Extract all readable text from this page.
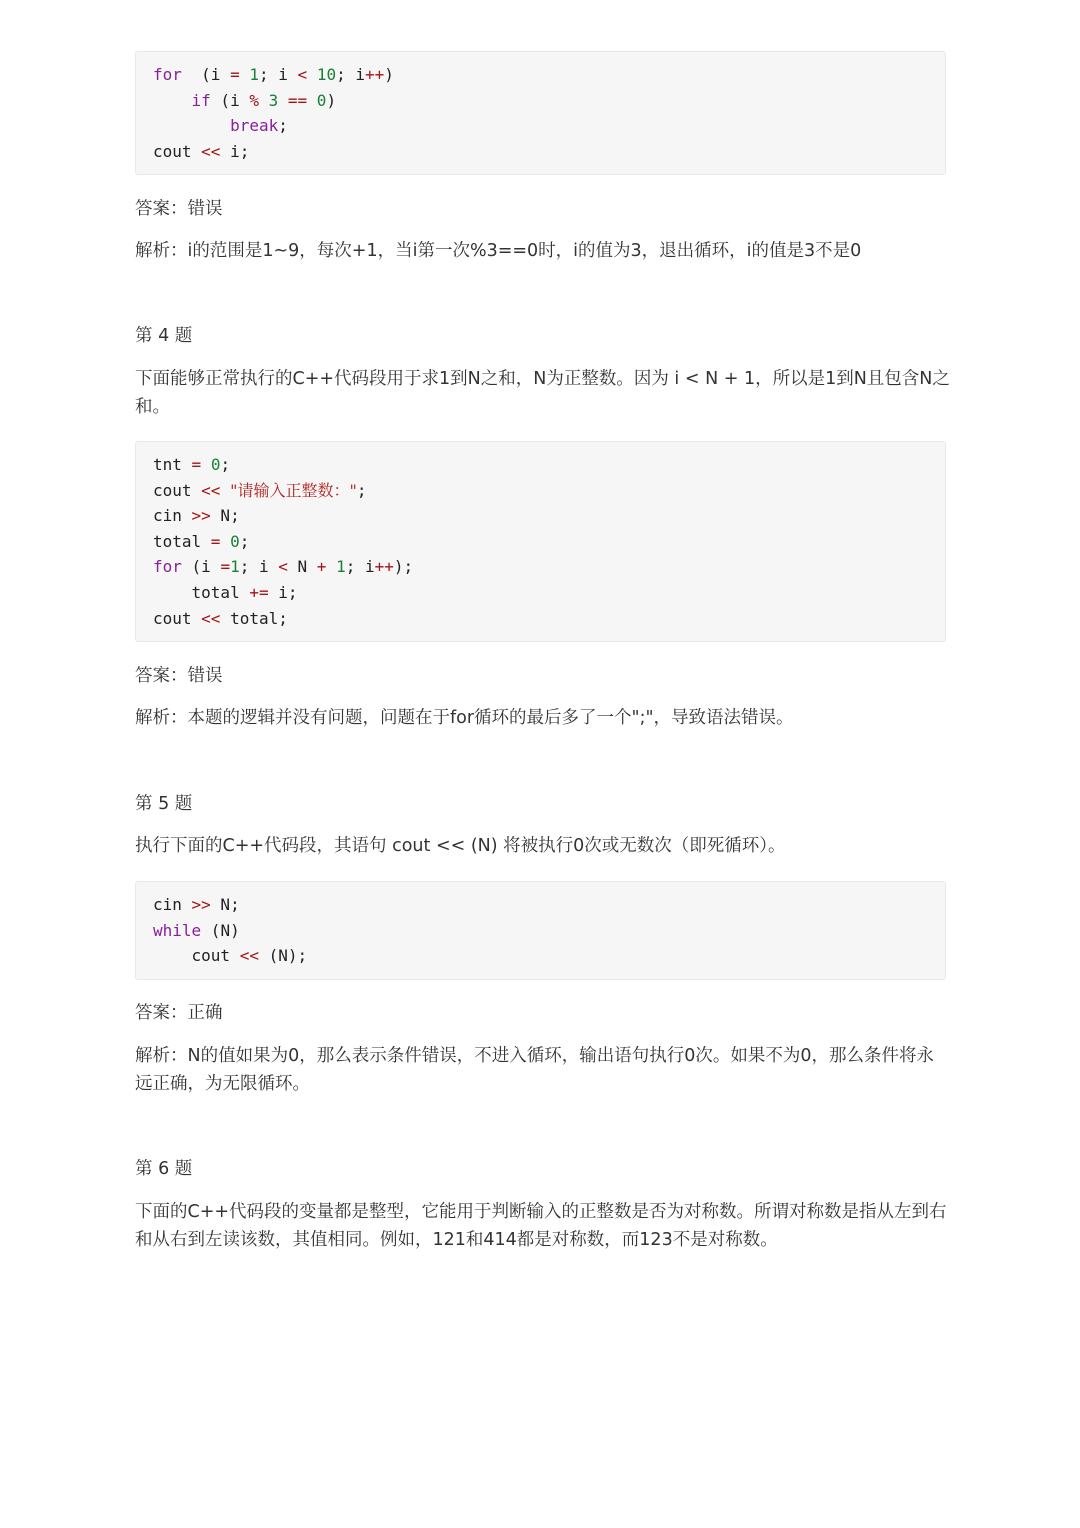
for  (i = 1; i < 10; i++)
if (i % 3 == 0)
break;
cout << i;
答案：错误
解析：i的范围是1~9，每次+1，当i第一次%3==0时，i的值为3，退出循环，i的值是3不是0
第 4 题
下面能够正常执行的C++代码段用于求1到N之和，N为正整数。因为 i < N + 1，所以是1到N且包含N之和。
tnt = 0;
cout << "请输入正整数：";
cin >> N;
total = 0;
for (i =1; i < N + 1; i++);
total += i;
cout << total;
答案：错误
解析：本题的逻辑并没有问题，问题在于for循环的最后多了一个";"，导致语法错误。
第 5 题
执行下面的C++代码段，其语句 cout << (N) 将被执行0次或无数次（即死循环）。
cin >> N;
while (N)
cout << (N);
答案：正确
解析：N的值如果为0，那么表示条件错误，不进入循环，输出语句执行0次。如果不为0，那么条件将永远正确，为无限循环。
第 6 题
下面的C++代码段的变量都是整型，它能用于判断输入的正整数是否为对称数。所谓对称数是指从左到右和从右到左读该数，其值相同。例如，121和414都是对称数，而123不是对称数。
